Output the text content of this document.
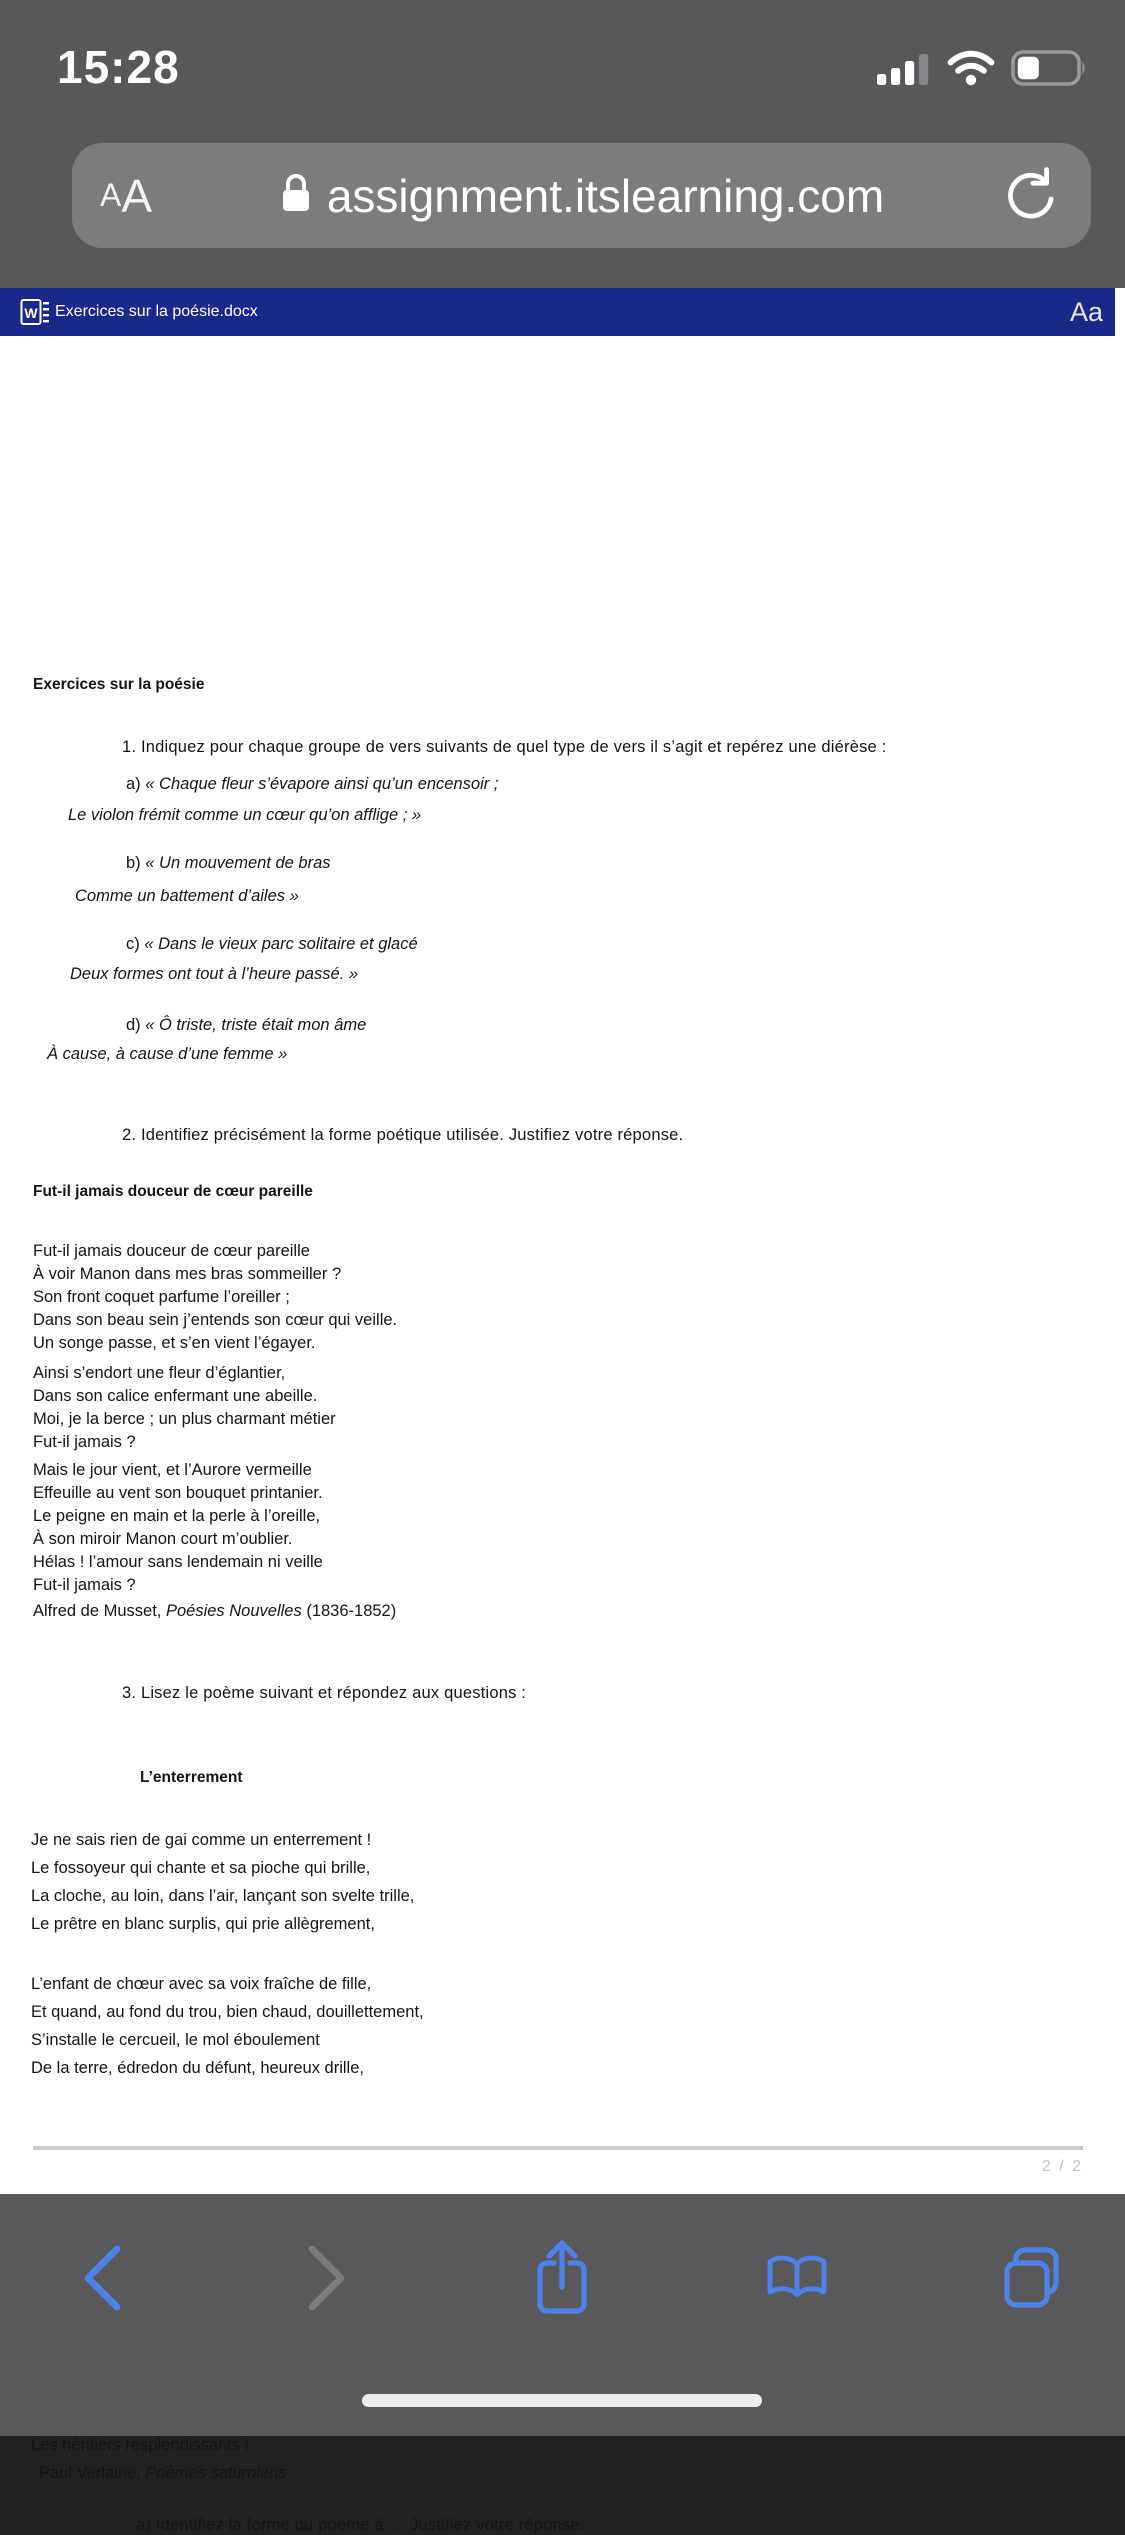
15:28
A A	assignment.itslearning.com
W Exercices sur la poésie.docx	Aa
Exercices sur la poésie
1. Indiquez pour chaque groupe de vers suivants de quel type de vers il s’agit et repérez une diérèse :
a) « Chaque fleur s’évapore ainsi qu’un encensoir ;
Le violon frémit comme un cœur qu’on afflige ; »
b) « Un mouvement de bras
Comme un battement d’ailes »
c) « Dans le vieux parc solitaire et glacé
Deux formes ont tout à l’heure passé. »
d) « Ô triste, triste était mon âme
À cause, à cause d’une femme »
2. Identifiez précisément la forme poétique utilisée. Justifiez votre réponse.
Fut-il jamais douceur de cœur pareille
Fut-il jamais douceur de cœur pareille
À voir Manon dans mes bras sommeiller ?
Son front coquet parfume l’oreiller ;
Dans son beau sein j’entends son cœur qui veille.
Un songe passe, et s’en vient l’égayer.
Ainsi s’endort une fleur d’églantier,
Dans son calice enfermant une abeille.
Moi, je la berce ; un plus charmant métier
Fut-il jamais ?
Mais le jour vient, et l’Aurore vermeille
Effeuille au vent son bouquet printanier.
Le peigne en main et la perle à l’oreille,
À son miroir Manon court m’oublier.
Hélas ! l’amour sans lendemain ni veille
Fut-il jamais ?
Alfred de Musset, Poésies Nouvelles (1836-1852)
3. Lisez le poème suivant et répondez aux questions :
L’enterrement
Je ne sais rien de gai comme un enterrement !
Le fossoyeur qui chante et sa pioche qui brille,
La cloche, au loin, dans l’air, lançant son svelte trille,
Le prêtre en blanc surplis, qui prie allègrement,
L’enfant de chœur avec sa voix fraîche de fille,
Et quand, au fond du trou, bien chaud, douillettement,
S’installe le cercueil, le mol éboulement
De la terre, édredon du défunt, heureux drille,
2 / 2
Les héritiers resplendissants !
Paul Verlaine, Poèmes saturniens
a) Identifiez la forme du poème à … Justifiez votre réponse.
